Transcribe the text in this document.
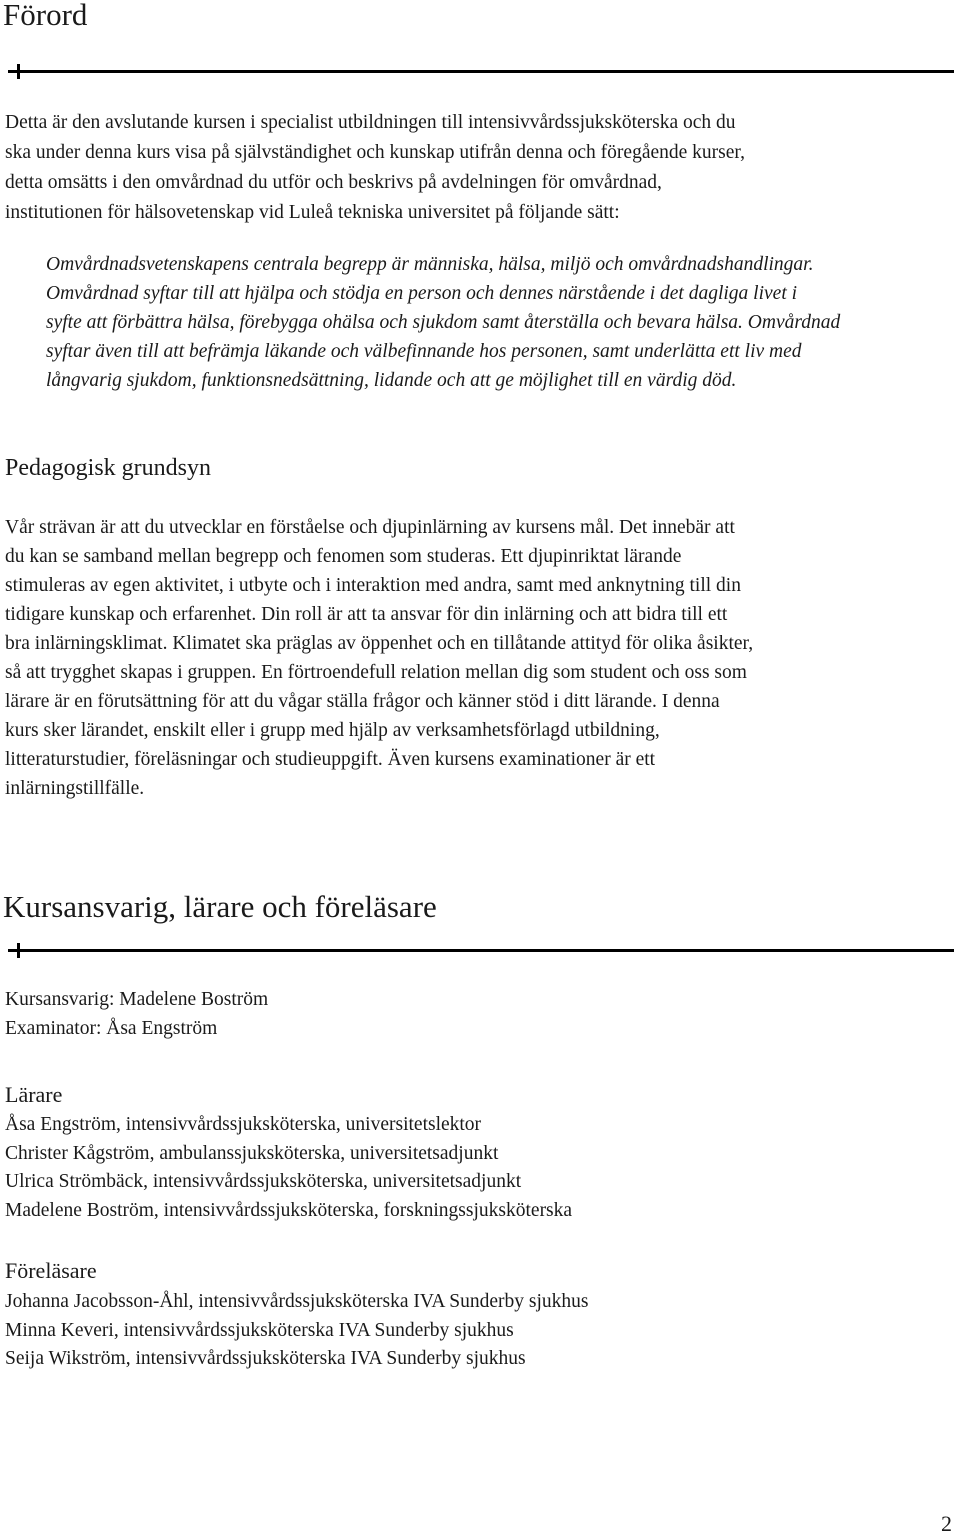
Förord
Detta är den avslutande kursen i specialist utbildningen till intensivvårdssjuksköterska och du
ska under denna kurs visa på självständighet och kunskap utifrån denna och föregående kurser,
detta omsätts i den omvårdnad du utför och beskrivs på avdelningen för omvårdnad,
institutionen för hälsovetenskap vid Luleå tekniska universitet på följande sätt:
Omvårdnadsvetenskapens centrala begrepp är människa, hälsa, miljö och omvårdnadshandlingar.
Omvårdnad syftar till att hjälpa och stödja en person och dennes närstående i det dagliga livet i
syfte att förbättra hälsa, förebygga ohälsa och sjukdom samt återställa och bevara hälsa. Omvårdnad
syftar även till att befrämja läkande och välbefinnande hos personen, samt underlätta ett liv med
långvarig sjukdom, funktionsnedsättning, lidande och att ge möjlighet till en värdig död.
Pedagogisk grundsyn
Vår strävan är att du utvecklar en förståelse och djupinlärning av kursens mål. Det innebär att
du kan se samband mellan begrepp och fenomen som studeras. Ett djupinriktat lärande
stimuleras av egen aktivitet, i utbyte och i interaktion med andra, samt med anknytning till din
tidigare kunskap och erfarenhet. Din roll är att ta ansvar för din inlärning och att bidra till ett
bra inlärningsklimat. Klimatet ska präglas av öppenhet och en tillåtande attityd för olika åsikter,
så att trygghet skapas i gruppen. En förtroendefull relation mellan dig som student och oss som
lärare är en förutsättning för att du vågar ställa frågor och känner stöd i ditt lärande. I denna
kurs sker lärandet, enskilt eller i grupp med hjälp av verksamhetsförlagd utbildning,
litteraturstudier, föreläsningar och studieuppgift. Även kursens examinationer är ett
inlärningstillfälle.
Kursansvarig, lärare och föreläsare
Kursansvarig: Madelene Boström
Examinator: Åsa Engström
Lärare
Åsa Engström, intensivvårdssjuksköterska, universitetslektor
Christer Kågström, ambulanssjuksköterska, universitetsadjunkt
Ulrica Strömbäck, intensivvårdssjuksköterska, universitetsadjunkt
Madelene Boström, intensivvårdssjuksköterska, forskningssjuksköterska
Föreläsare
Johanna Jacobsson-Åhl, intensivvårdssjuksköterska IVA Sunderby sjukhus
Minna Keveri, intensivvårdssjuksköterska IVA Sunderby sjukhus
Seija Wikström, intensivvårdssjuksköterska IVA Sunderby sjukhus
2
